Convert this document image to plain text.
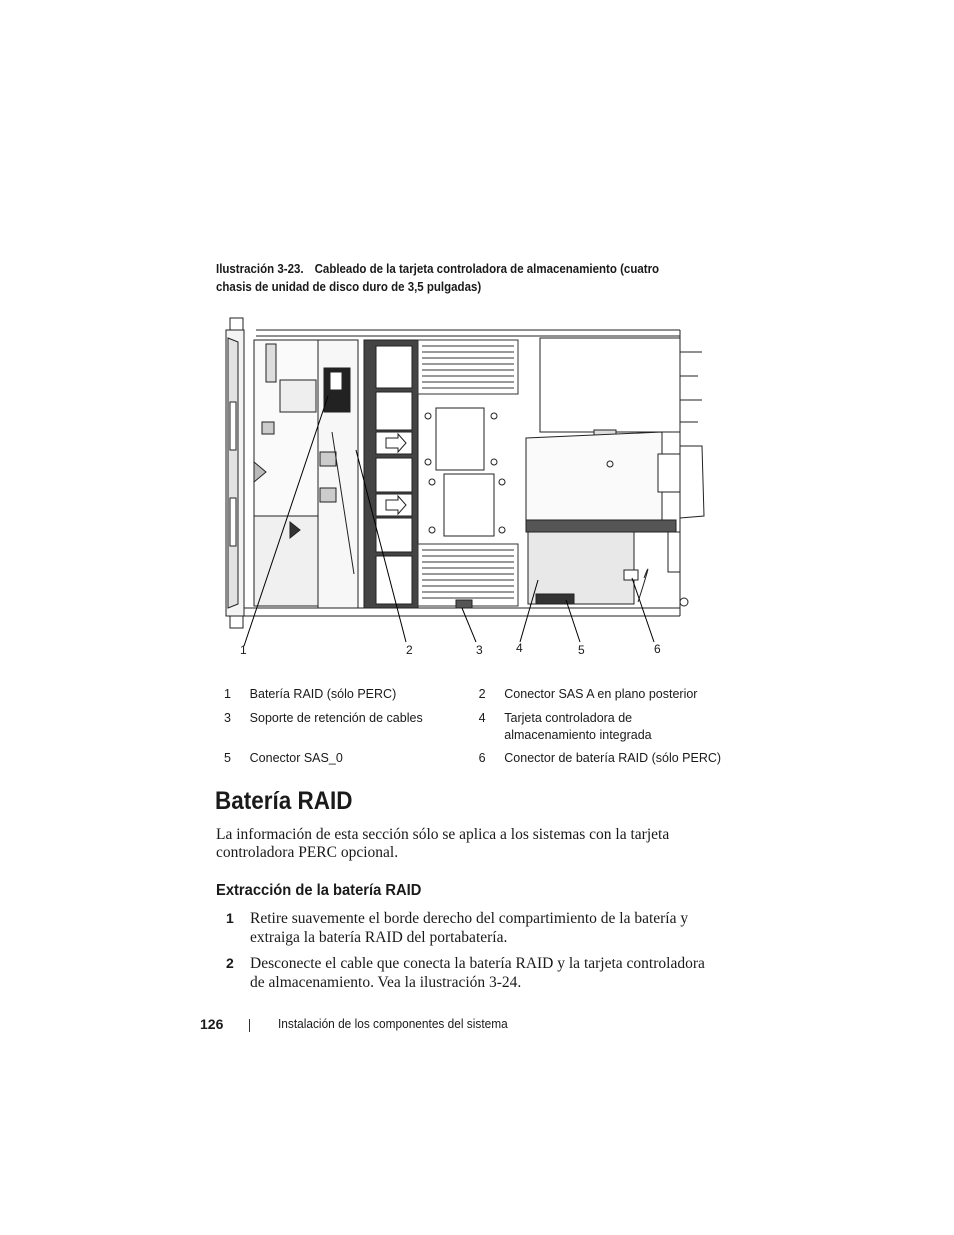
Ilustración 3-23. Cableado de la tarjeta controladora de almacenamiento (cuatro chasis de unidad de disco duro de 3,5 pulgadas)
1	2	3	4	5	6
1	Batería RAID (sólo PERC)	2	Conector SAS A en plano posterior
3	Soporte de retención de cables	4	Tarjeta controladora de almacenamiento integrada
5	Conector SAS_0	6	Conector de batería RAID (sólo PERC)
Batería RAID

La información de esta sección sólo se aplica a los sistemas con la tarjeta controladora PERC opcional.

Extracción de la batería RAID
1 Retire suavemente el borde derecho del compartimiento de la batería y extraiga la batería RAID del portabatería.
2 Desconecte el cable que conecta la batería RAID y la tarjeta controladora de almacenamiento. Vea la ilustración 3-24.
126	Instalación de los componentes del sistema
